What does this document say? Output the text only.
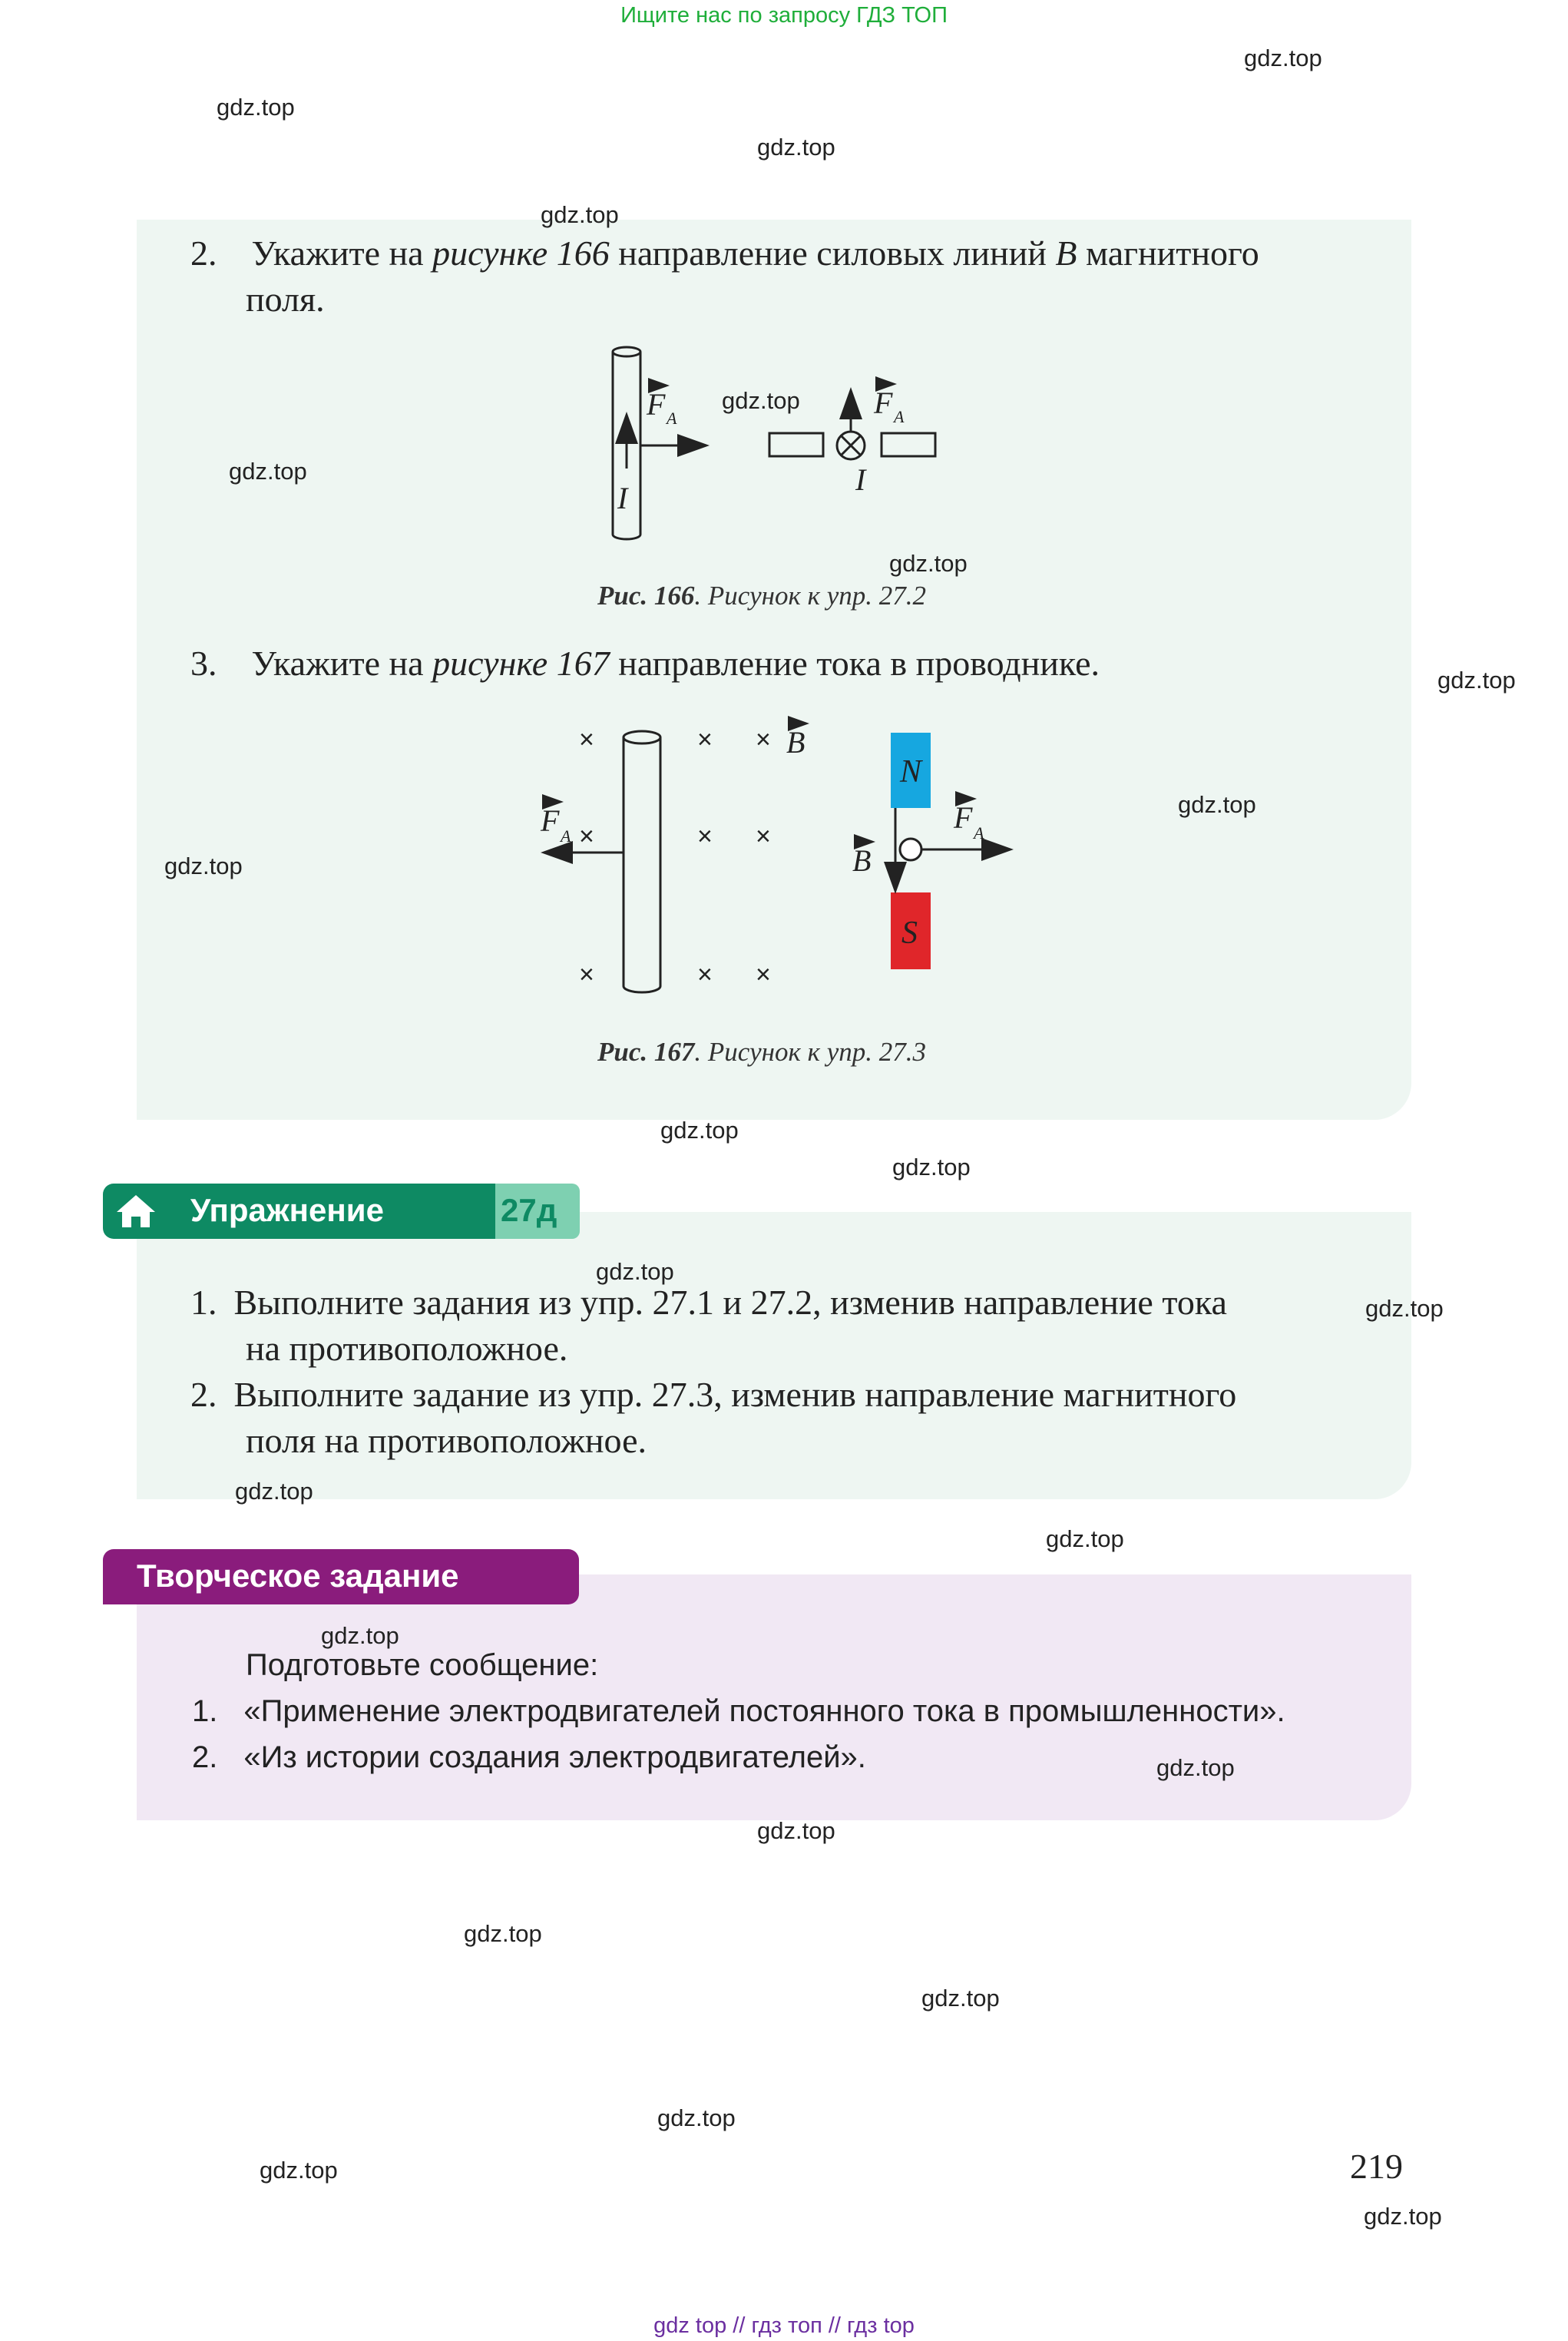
Ищите нас по запросу ГДЗ ТОП
2. Укажите на рисунке 166 направление силовых линий B магнитного
поля.
F A
I
F A
I
Рис. 166. Рисунок к упр. 27.2
3. Укажите на рисунке 167 направление тока в проводнике.
×	× ×
×	× ×
×	× ×
B
F A
N
S
B
F A
Рис. 167. Рисунок к упр. 27.3
Упражнение	27д
1. Выполните задания из упр. 27.1 и 27.2, изменив направление тока
на противоположное.
2. Выполните задание из упр. 27.3, изменив направление магнитного
поля на противоположное.
Творческое задание
Подготовьте сообщение:
1. «Применение электродвигателей постоянного тока в промышленности».
2. «Из истории создания электродвигателей».
219
gdz.top
gdz.top
gdz.top
gdz.top
gdz.top
gdz.top
gdz.top
gdz.top
gdz.top
gdz.top
gdz.top
gdz.top
gdz.top
gdz.top
gdz.top
gdz.top
gdz.top
gdz.top
gdz.top
gdz.top
gdz.top
gdz.top
gdz.top
gdz.top
gdz top // гдз топ // гдз top
